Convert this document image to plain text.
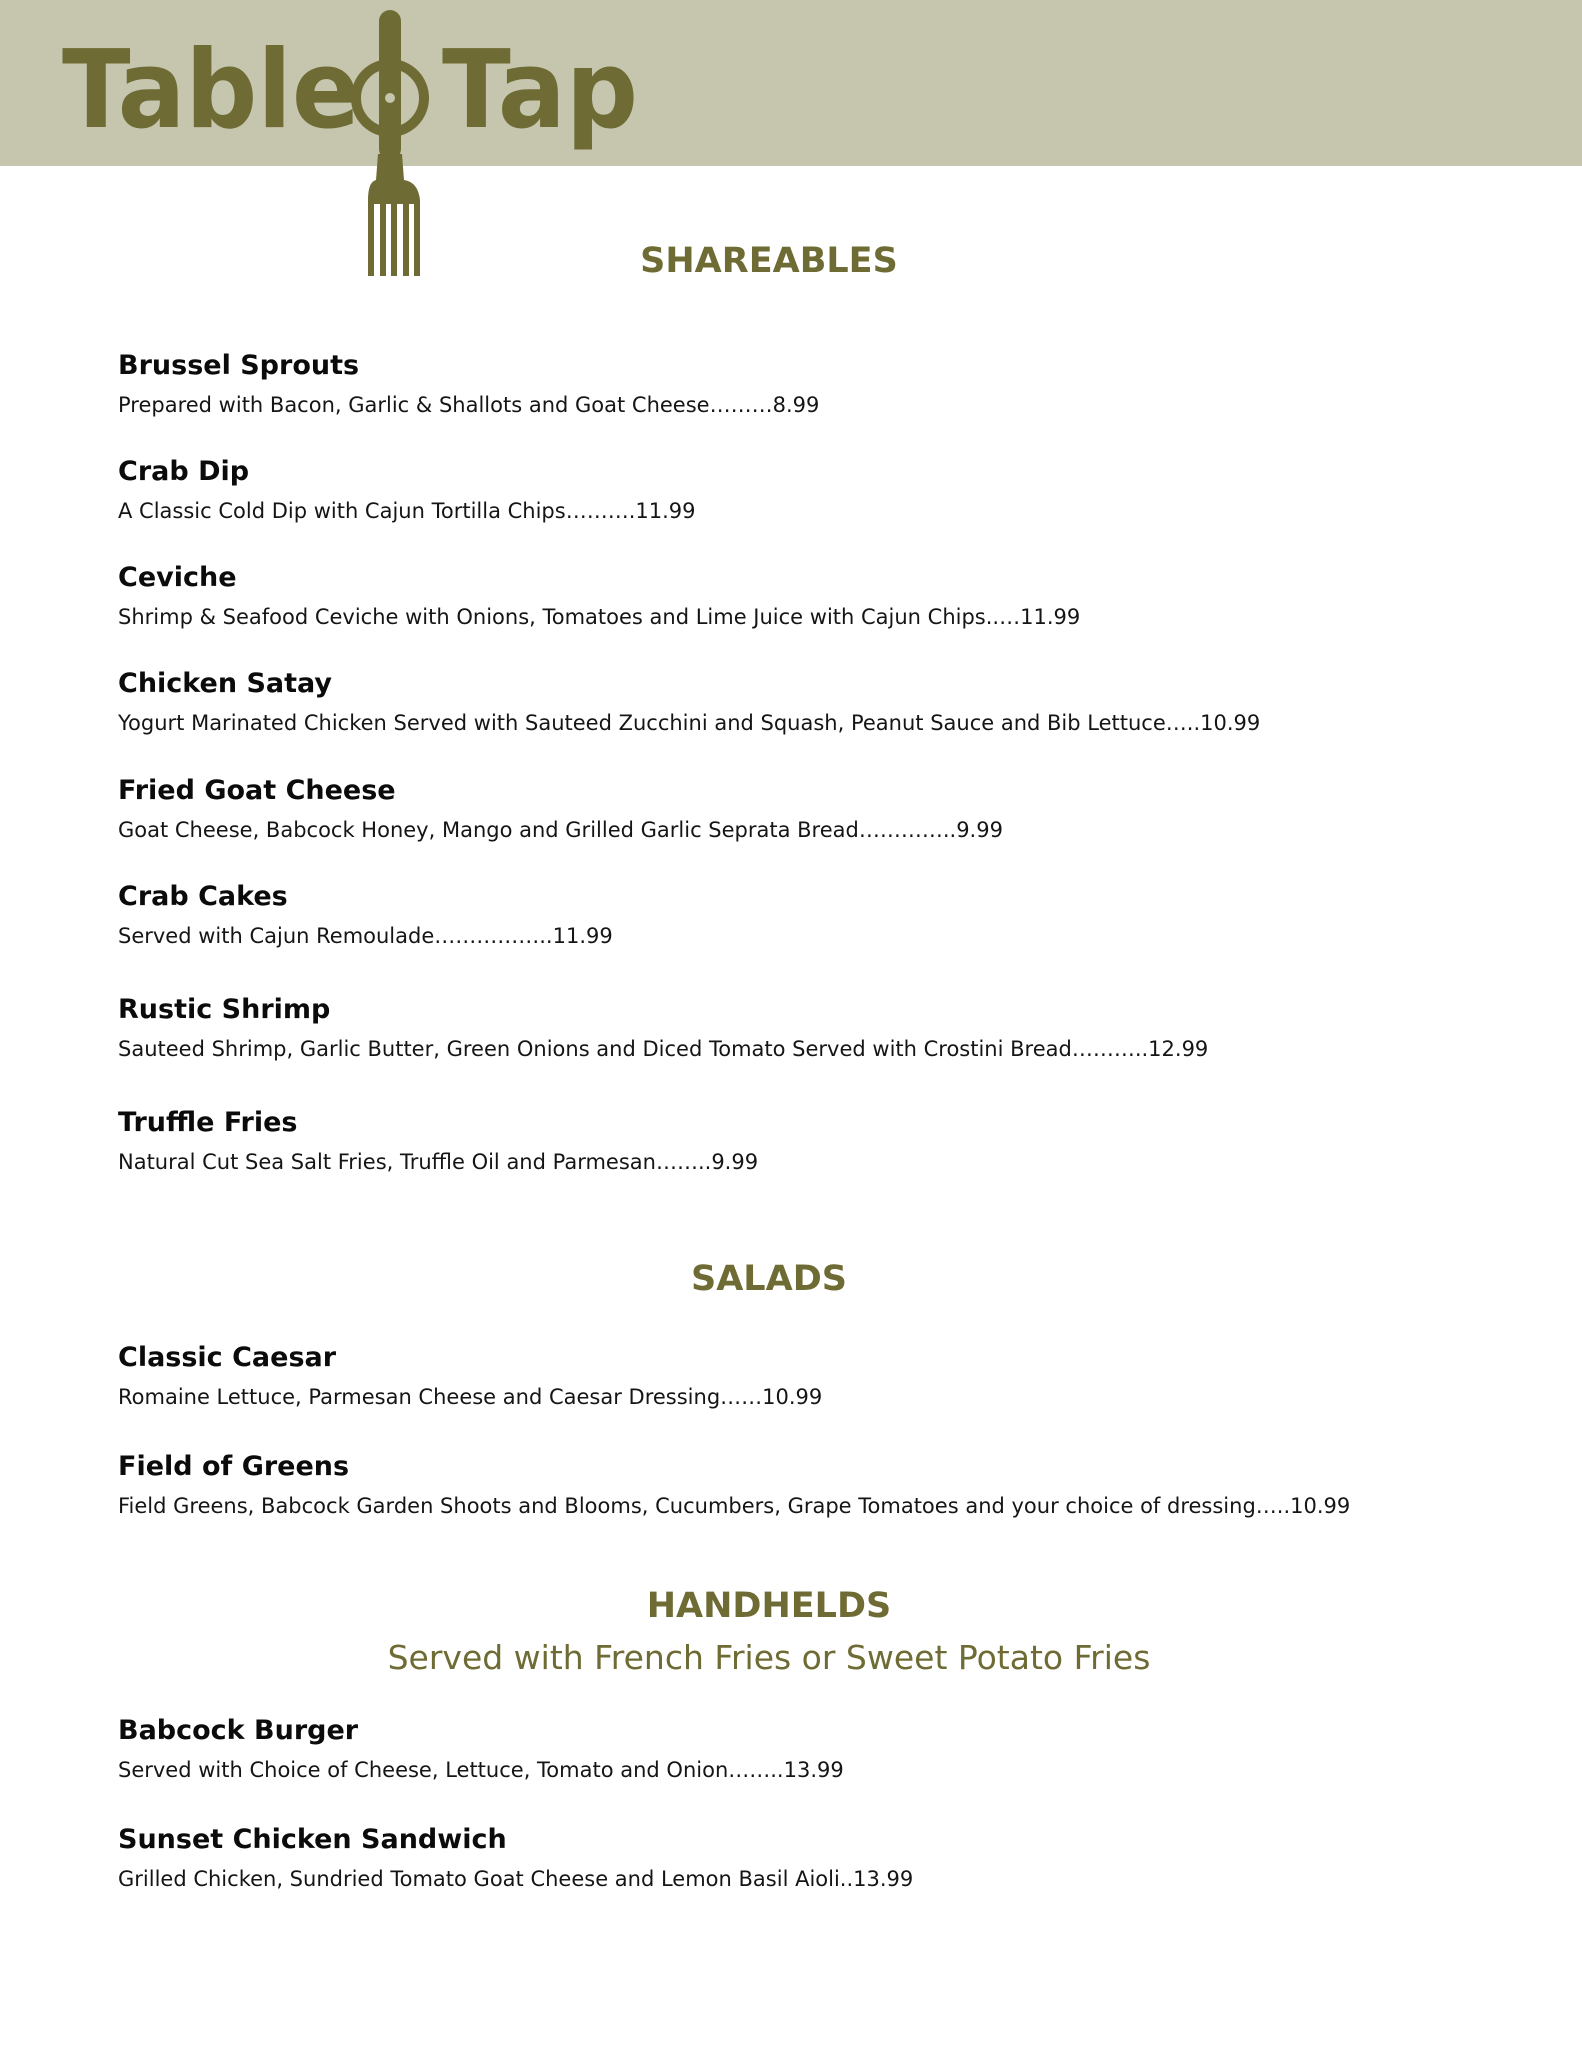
Table Tap
SHAREABLES
Brussel Sprouts
Prepared with Bacon, Garlic & Shallots and Goat Cheese………8.99
Crab Dip
A Classic Cold Dip with Cajun Tortilla Chips……….11.99
Ceviche
Shrimp & Seafood Ceviche with Onions, Tomatoes and Lime Juice with Cajun Chips..…11.99
Chicken Satay
Yogurt Marinated Chicken Served with Sauteed Zucchini and Squash, Peanut Sauce and Bib Lettuce…..10.99
Fried Goat Cheese
Goat Cheese, Babcock Honey, Mango and Grilled Garlic Seprata Bread…………..9.99
Crab Cakes
Served with Cajun Remoulade……………..11.99
Rustic Shrimp
Sauteed Shrimp, Garlic Butter, Green Onions and Diced Tomato Served with Crostini Bread………..12.99
Truffle Fries
Natural Cut Sea Salt Fries, Truffle Oil and Parmesan……..9.99
SALADS
Classic Caesar
Romaine Lettuce, Parmesan Cheese and Caesar Dressing……10.99
Field of Greens
Field Greens, Babcock Garden Shoots and Blooms, Cucumbers, Grape Tomatoes and your choice of dressing…..10.99
HANDHELDS
Served with French Fries or Sweet Potato Fries
Babcock Burger
Served with Choice of Cheese, Lettuce, Tomato and Onion……..13.99
Sunset Chicken Sandwich
Grilled Chicken, Sundried Tomato Goat Cheese and Lemon Basil Aioli..13.99
